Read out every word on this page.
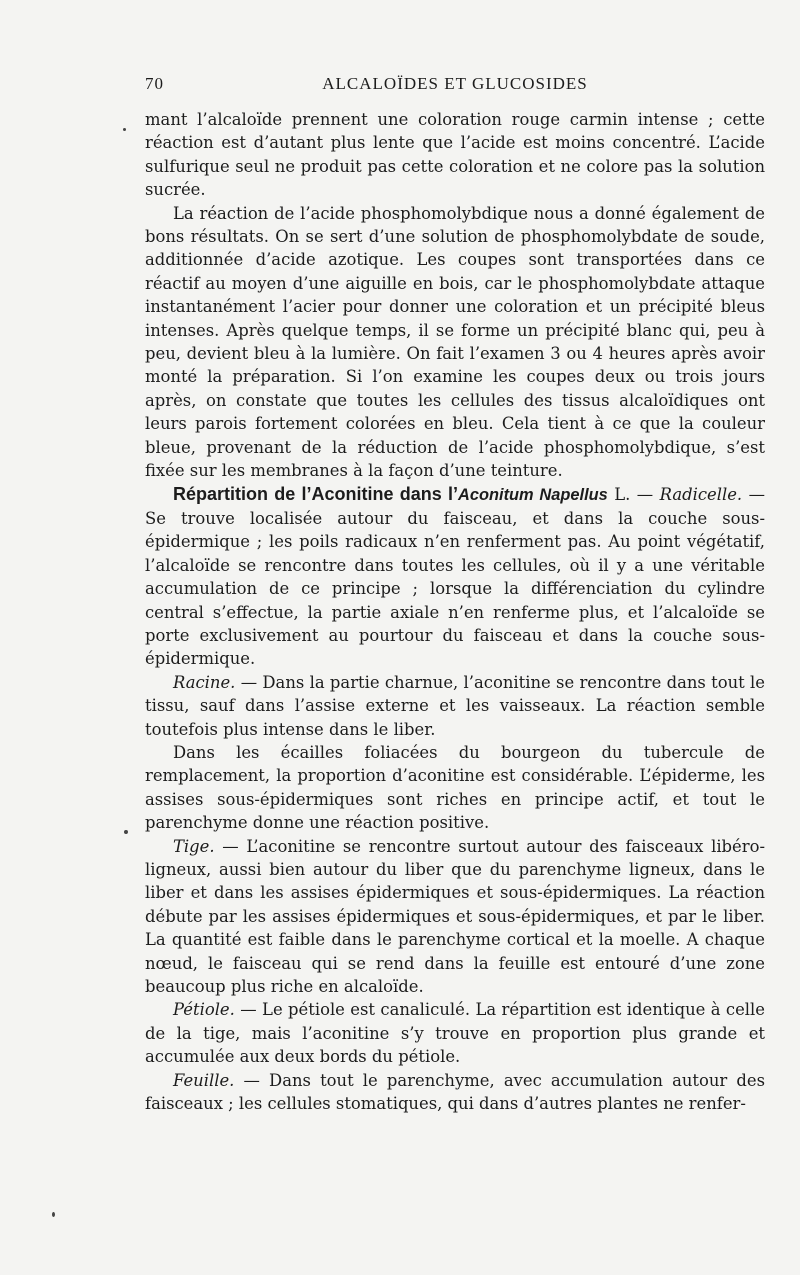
70	ALCALOÏDES ET GLUCOSIDES

mant l’alcaloïde prennent une coloration rouge carmin intense ; cette réaction est d’autant plus lente que l’acide est moins concentré. L’acide sulfurique seul ne produit pas cette coloration et ne colore pas la solution sucrée.

La réaction de l’acide phosphomolybdique nous a donné également de bons résultats. On se sert d’une solution de phosphomolybdate de soude, additionnée d’acide azotique. Les coupes sont transportées dans ce réactif au moyen d’une aiguille en bois, car le phosphomolybdate attaque instantanément l’acier pour donner une coloration et un précipité bleus intenses. Après quelque temps, il se forme un précipité blanc qui, peu à peu, devient bleu à la lumière. On fait l’examen 3 ou 4 heures après avoir monté la préparation. Si l’on examine les coupes deux ou trois jours après, on constate que toutes les cellules des tissus alcaloïdiques ont leurs parois fortement colorées en bleu. Cela tient à ce que la couleur bleue, provenant de la réduction de l’acide phosphomolybdique, s’est fixée sur les membranes à la façon d’une teinture.

Répartition de l’Aconitine dans l’Aconitum Napellus L. — Radicelle. — Se trouve localisée autour du faisceau, et dans la couche sous-épidermique ; les poils radicaux n’en renferment pas. Au point végétatif, l’alcaloïde se rencontre dans toutes les cellules, où il y a une véritable accumulation de ce principe ; lorsque la différenciation du cylindre central s’effectue, la partie axiale n’en renferme plus, et l’alcaloïde se porte exclusivement au pourtour du faisceau et dans la couche sous-épidermique.

Racine. — Dans la partie charnue, l’aconitine se rencontre dans tout le tissu, sauf dans l’assise externe et les vaisseaux. La réaction semble toutefois plus intense dans le liber.

Dans les écailles foliacées du bourgeon du tubercule de remplacement, la proportion d’aconitine est considérable. L’épiderme, les assises sous-épidermiques sont riches en principe actif, et tout le parenchyme donne une réaction positive.

Tige. — L’aconitine se rencontre surtout autour des faisceaux libéro-ligneux, aussi bien autour du liber que du parenchyme ligneux, dans le liber et dans les assises épidermiques et sous-épidermiques. La réaction débute par les assises épidermiques et sous-épidermiques, et par le liber. La quantité est faible dans le parenchyme cortical et la moelle. A chaque nœud, le faisceau qui se rend dans la feuille est entouré d’une zone beaucoup plus riche en alcaloïde.

Pétiole. — Le pétiole est canaliculé. La répartition est identique à celle de la tige, mais l’aconitine s’y trouve en proportion plus grande et accumulée aux deux bords du pétiole.

Feuille. — Dans tout le parenchyme, avec accumulation autour des faisceaux ; les cellules stomatiques, qui dans d’autres plantes ne renfer-
